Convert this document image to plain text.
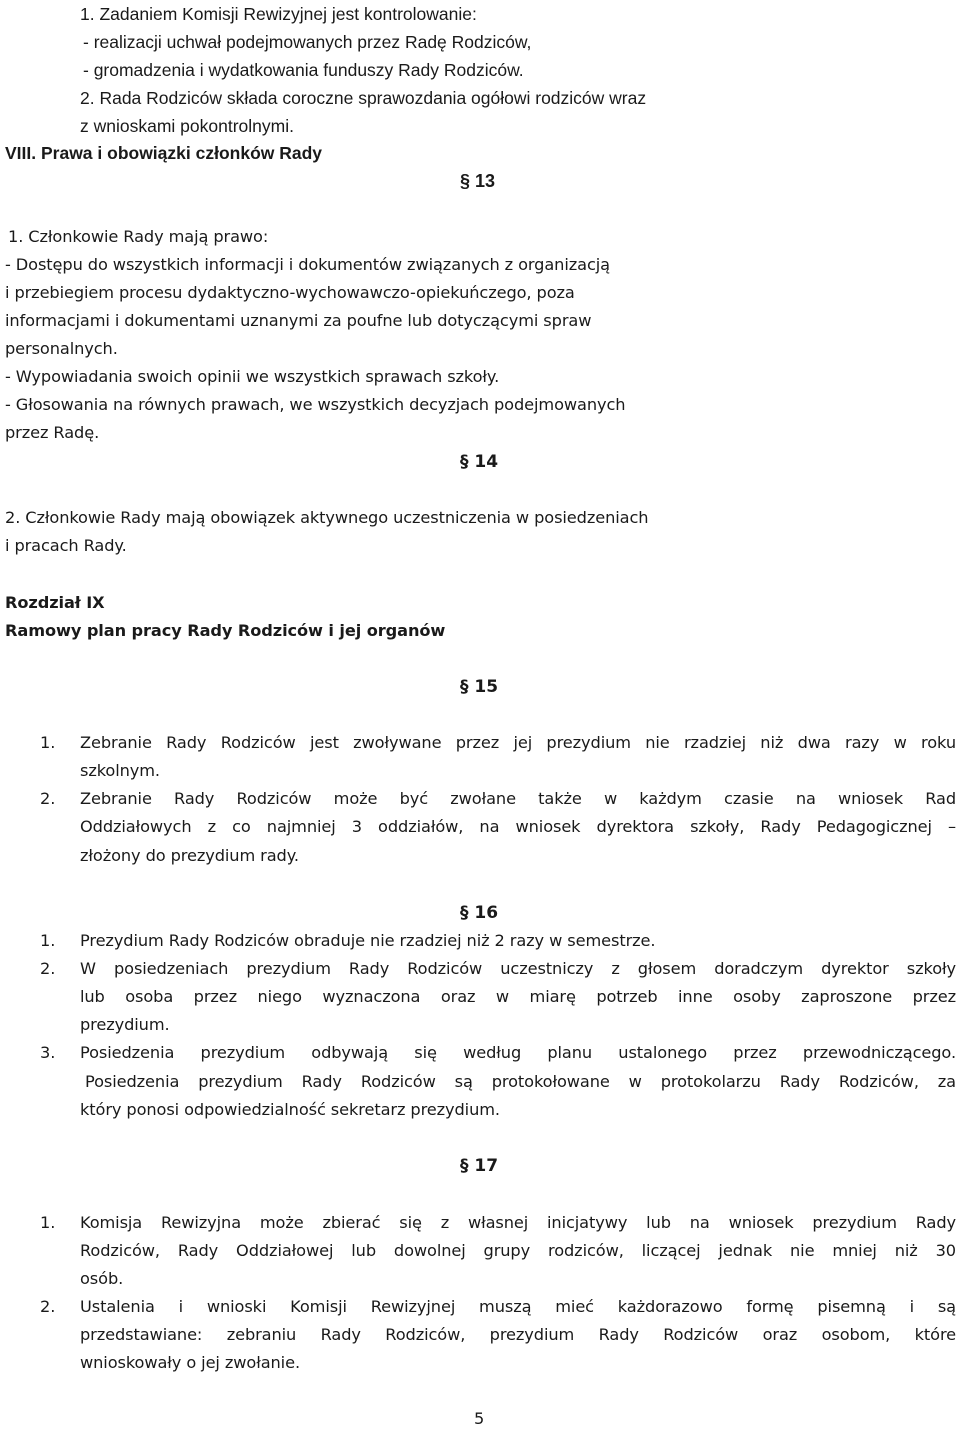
1. Zadaniem Komisji Rewizyjnej jest kontrolowanie:
- realizacji uchwał podejmowanych przez Radę Rodziców,
- gromadzenia i wydatkowania funduszy Rady Rodziców.
2. Rada Rodziców składa coroczne sprawozdania ogółowi rodziców wraz
z wnioskami pokontrolnymi.
VIII. Prawa i obowiązki członków Rady
§ 13
1. Członkowie Rady mają prawo:
- Dostępu do wszystkich informacji i dokumentów związanych z organizacją
i przebiegiem procesu dydaktyczno-wychowawczo-opiekuńczego, poza
informacjami i dokumentami uznanymi za poufne lub dotyczącymi spraw
personalnych.
- Wypowiadania swoich opinii we wszystkich sprawach szkoły.
- Głosowania na równych prawach, we wszystkich decyzjach podejmowanych
przez Radę.
§ 14
2. Członkowie Rady mają obowiązek aktywnego uczestniczenia w posiedzeniach
i pracach Rady.
Rozdział IX
Ramowy plan pracy Rady Rodziców i jej organów
§ 15
1. Zebranie Rady Rodziców jest zwoływane przez jej prezydium nie rzadziej niż dwa razy w roku
szkolnym.
2. Zebranie Rady Rodziców może być zwołane także w każdym czasie na wniosek Rad
Oddziałowych z co najmniej 3 oddziałów, na wniosek dyrektora szkoły, Rady Pedagogicznej –
złożony do prezydium rady.
§ 16
1. Prezydium Rady Rodziców obraduje nie rzadziej niż 2 razy w semestrze.
2. W posiedzeniach prezydium Rady Rodziców uczestniczy z głosem doradczym dyrektor szkoły
lub osoba przez niego wyznaczona oraz w miarę potrzeb inne osoby zaproszone przez
prezydium.
3. Posiedzenia prezydium odbywają się według planu ustalonego przez przewodniczącego.
Posiedzenia prezydium Rady Rodziców są protokołowane w protokolarzu Rady Rodziców, za
który ponosi odpowiedzialność sekretarz prezydium.
§ 17
1. Komisja Rewizyjna może zbierać się z własnej inicjatywy lub na wniosek prezydium Rady
Rodziców, Rady Oddziałowej lub dowolnej grupy rodziców, liczącej jednak nie mniej niż 30
osób.
2. Ustalenia i wnioski Komisji Rewizyjnej muszą mieć każdorazowo formę pisemną i są
przedstawiane: zebraniu Rady Rodziców, prezydium Rady Rodziców oraz osobom, które
wnioskowały o jej zwołanie.
5
